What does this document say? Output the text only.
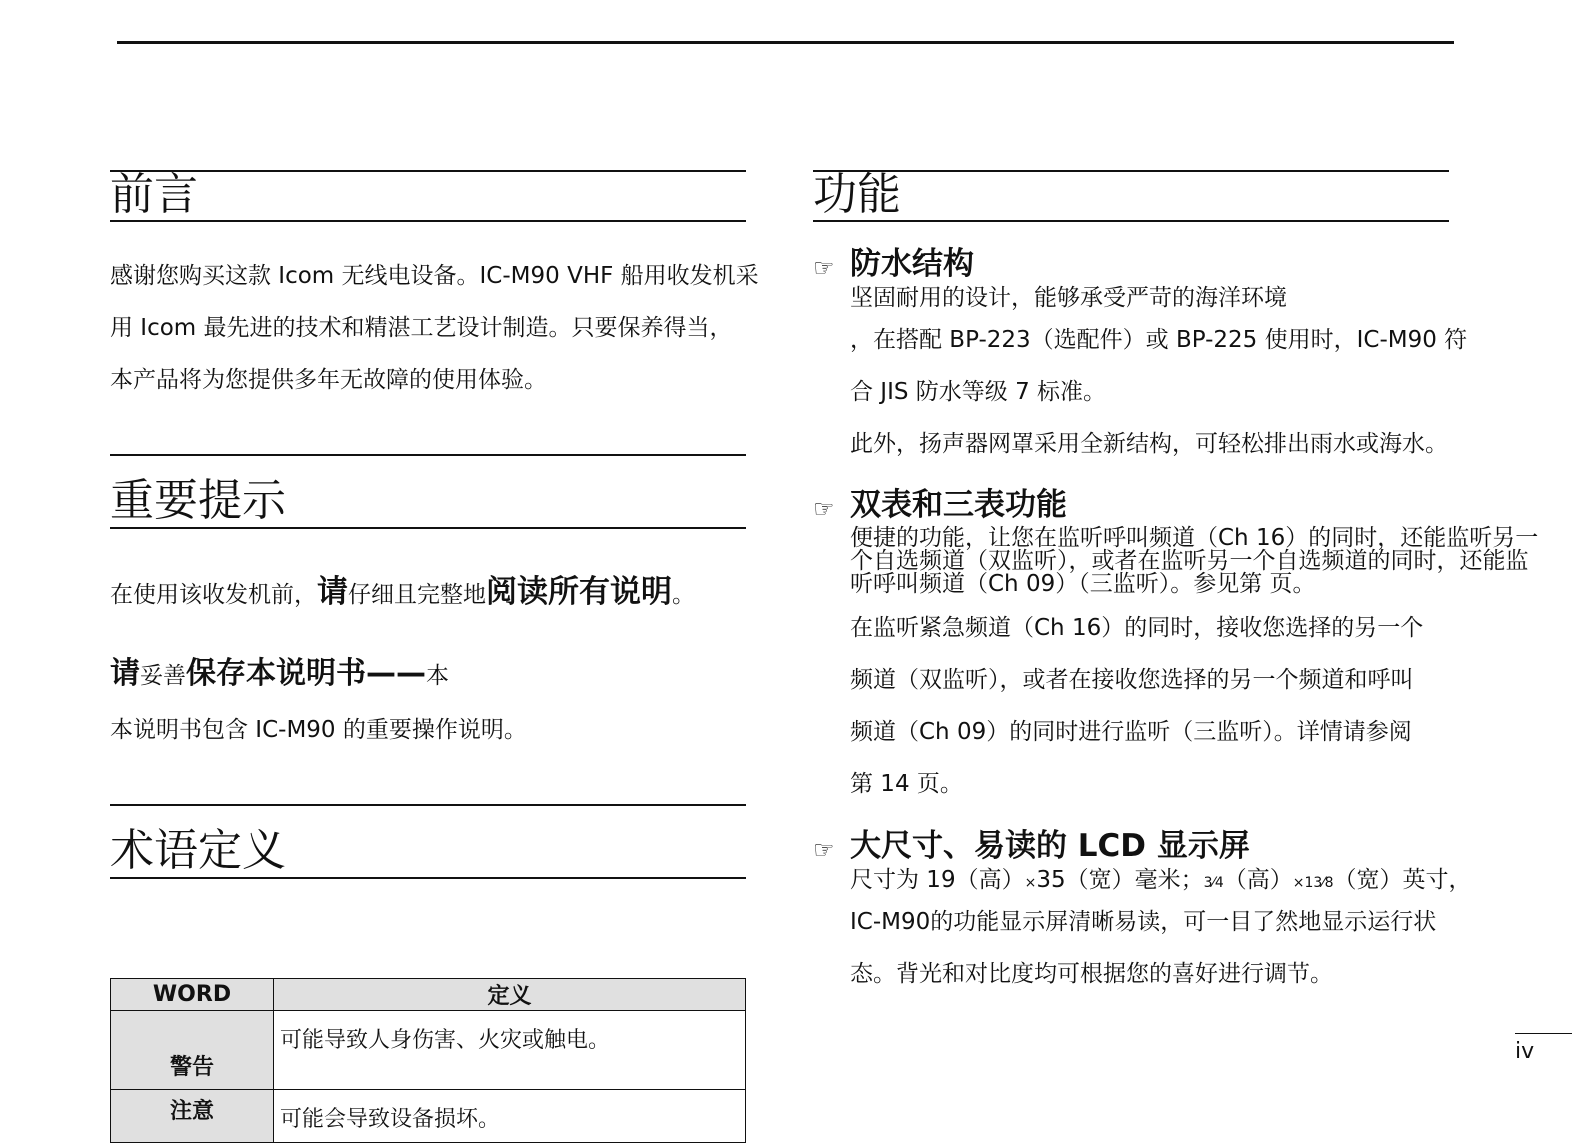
前言
感谢您购买这款 Icom 无线电设备。IC-M90 VHF 船用收发机采
用 Icom 最先进的技术和精湛工艺设计制造。只要保养得当，
本产品将为您提供多年无故障的使用体验。
重要提示
在使用该收发机前，请仔细且完整地阅读所有说明。
请妥善保存本说明书——本
本说明书包含 IC-M90 的重要操作说明。
术语定义
WORD	定义
警告	可能导致人身伤害、火灾或触电。
注意	可能会导致设备损坏。
功能
☞ 防水结构
坚固耐用的设计，能够承受严苛的海洋环境
，在搭配 BP-223（选配件）或 BP-225 使用时，IC-M90 符
合 JIS 防水等级 7 标准。
此外，扬声器网罩采用全新结构，可轻松排出雨水或海水。
☞ 双表和三表功能
便捷的功能，让您在监听呼叫频道（Ch 16）的同时，还能监听另一
个自选频道（双监听），或者在监听另一个自选频道的同时，还能监
听呼叫频道（Ch 09）（三监听）。参见第 页。
在监听紧急频道（Ch 16）的同时，接收您选择的另一个
频道（双监听），或者在接收您选择的另一个频道和呼叫
频道（Ch 09）的同时进行监听（三监听）。详情请参阅
第 14 页。
☞ 大尺寸、易读的 LCD 显示屏
尺寸为 19（高）×35（宽）毫米；3⁄4（高）×13⁄8（宽）英寸，
IC-M90的功能显示屏清晰易读，可一目了然地显示运行状
态。背光和对比度均可根据您的喜好进行调节。
iv
